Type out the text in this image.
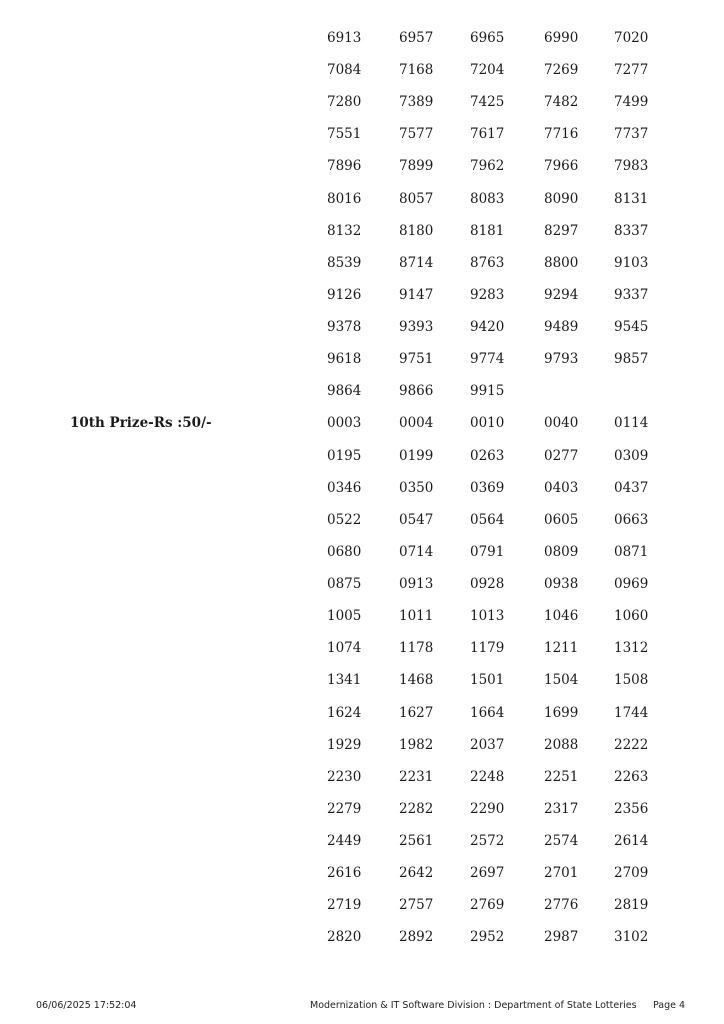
6913	6957	6965	6990	7020
7084	7168	7204	7269	7277
7280	7389	7425	7482	7499
7551	7577	7617	7716	7737
7896	7899	7962	7966	7983
8016	8057	8083	8090	8131
8132	8180	8181	8297	8337
8539	8714	8763	8800	9103
9126	9147	9283	9294	9337
9378	9393	9420	9489	9545
9618	9751	9774	9793	9857
9864	9866	9915
10th Prize-Rs :50/-	0003	0004	0010	0040	0114
0195	0199	0263	0277	0309
0346	0350	0369	0403	0437
0522	0547	0564	0605	0663
0680	0714	0791	0809	0871
0875	0913	0928	0938	0969
1005	1011	1013	1046	1060
1074	1178	1179	1211	1312
1341	1468	1501	1504	1508
1624	1627	1664	1699	1744
1929	1982	2037	2088	2222
2230	2231	2248	2251	2263
2279	2282	2290	2317	2356
2449	2561	2572	2574	2614
2616	2642	2697	2701	2709
2719	2757	2769	2776	2819
2820	2892	2952	2987	3102
06/06/2025 17:52:04	Modernization & IT Software Division : Department of State Lotteries Page 4
